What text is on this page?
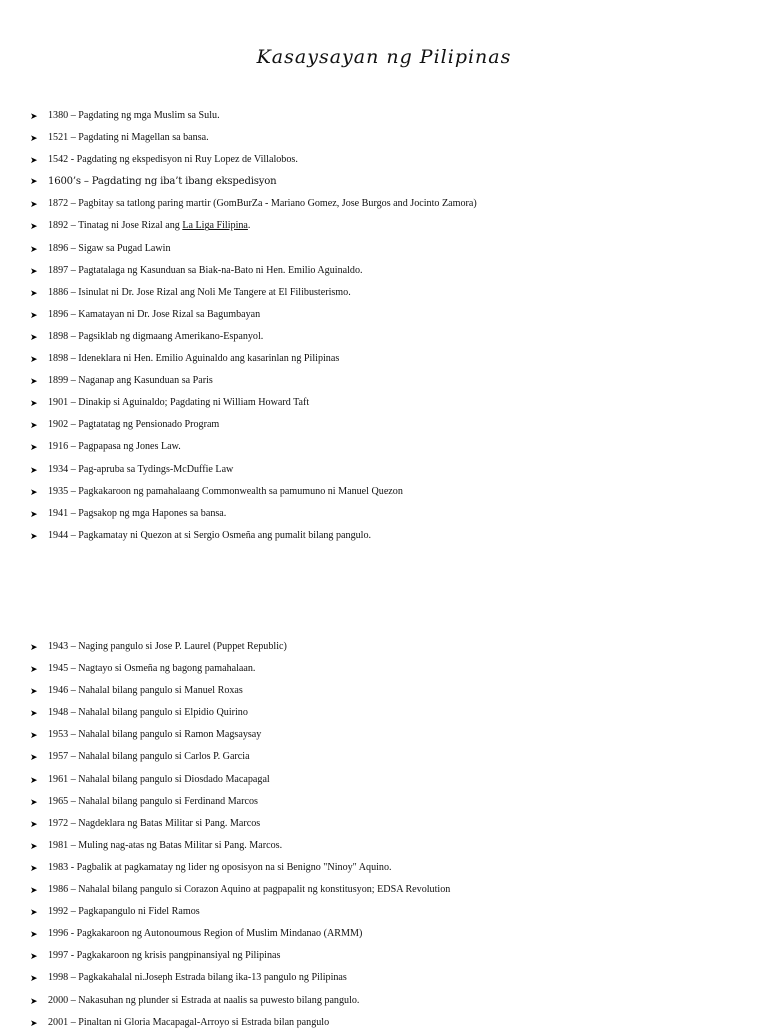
Kasaysayan ng Pilipinas
➤ 1380 – Pagdating ng mga Muslim sa Sulu.
➤ 1521 – Pagdating ni Magellan sa bansa.
➤ 1542 - Pagdating ng ekspedisyon ni Ruy Lopez de Villalobos.
➤ 1600’s – Pagdating ng iba’t ibang ekspedisyon
➤ 1872 – Pagbitay sa tatlong paring martir (GomBurZa - Mariano Gomez, Jose Burgos and Jocinto Zamora)
➤ 1892 – Tinatag ni Jose Rizal ang La Liga Filipina.
➤ 1896 – Sigaw sa Pugad Lawin
➤ 1897 – Pagtatalaga ng Kasunduan sa Biak-na-Bato ni Hen. Emilio Aguinaldo.
➤ 1886 – Isinulat ni Dr. Jose Rizal ang Noli Me Tangere at El Filibusterismo.
➤ 1896 – Kamatayan ni Dr. Jose Rizal sa Bagumbayan
➤ 1898 – Pagsiklab ng digmaang Amerikano-Espanyol.
➤ 1898 – Ideneklara ni Hen. Emilio Aguinaldo ang kasarinlan ng Pilipinas
➤ 1899 – Naganap ang Kasunduan sa Paris
➤ 1901 – Dinakip si Aguinaldo; Pagdating ni William Howard Taft
➤ 1902 – Pagtatatag ng Pensionado Program
➤ 1916 – Pagpapasa ng Jones Law.
➤ 1934 – Pag-apruba sa Tydings-McDuffie Law
➤ 1935 – Pagkakaroon ng pamahalaang Commonwealth sa pamumuno ni Manuel Quezon
➤ 1941 – Pagsakop ng mga Hapones sa bansa.
➤ 1944 – Pagkamatay ni Quezon at si Sergio Osmeña ang pumalit bilang pangulo.
➤ 1943 – Naging pangulo si Jose P. Laurel (Puppet Republic)
➤ 1945 – Nagtayo si Osmeña ng bagong pamahalaan.
➤ 1946 – Nahalal bilang pangulo si Manuel Roxas
➤ 1948 – Nahalal bilang pangulo si Elpidio Quirino
➤ 1953 – Nahalal bilang pangulo si Ramon Magsaysay
➤ 1957 – Nahalal bilang pangulo si Carlos P. Garcia
➤ 1961 – Nahalal bilang pangulo si Diosdado Macapagal
➤ 1965 – Nahalal bilang pangulo si Ferdinand Marcos
➤ 1972 – Nagdeklara ng Batas Militar si Pang. Marcos
➤ 1981 – Muling nag-atas ng Batas Militar si Pang. Marcos.
➤ 1983 - Pagbalik at pagkamatay ng lider ng oposisyon na si Benigno "Ninoy" Aquino.
➤ 1986 – Nahalal bilang pangulo si Corazon Aquino at pagpapalit ng konstitusyon; EDSA Revolution
➤ 1992 – Pagkapangulo ni Fidel Ramos
➤ 1996 - Pagkakaroon ng Autonoumous Region of Muslim Mindanao (ARMM)
➤ 1997 - Pagkakaroon ng krisis pangpinansiyal ng Pilipinas
➤ 1998 – Pagkakahalal ni.Joseph Estrada bilang ika-13 pangulo ng Pilipinas
➤ 2000 – Nakasuhan ng plunder si Estrada at naalis sa puwesto bilang pangulo.
➤ 2001 – Pinaltan ni Gloria Macapagal-Arroyo si Estrada bilan pangulo
